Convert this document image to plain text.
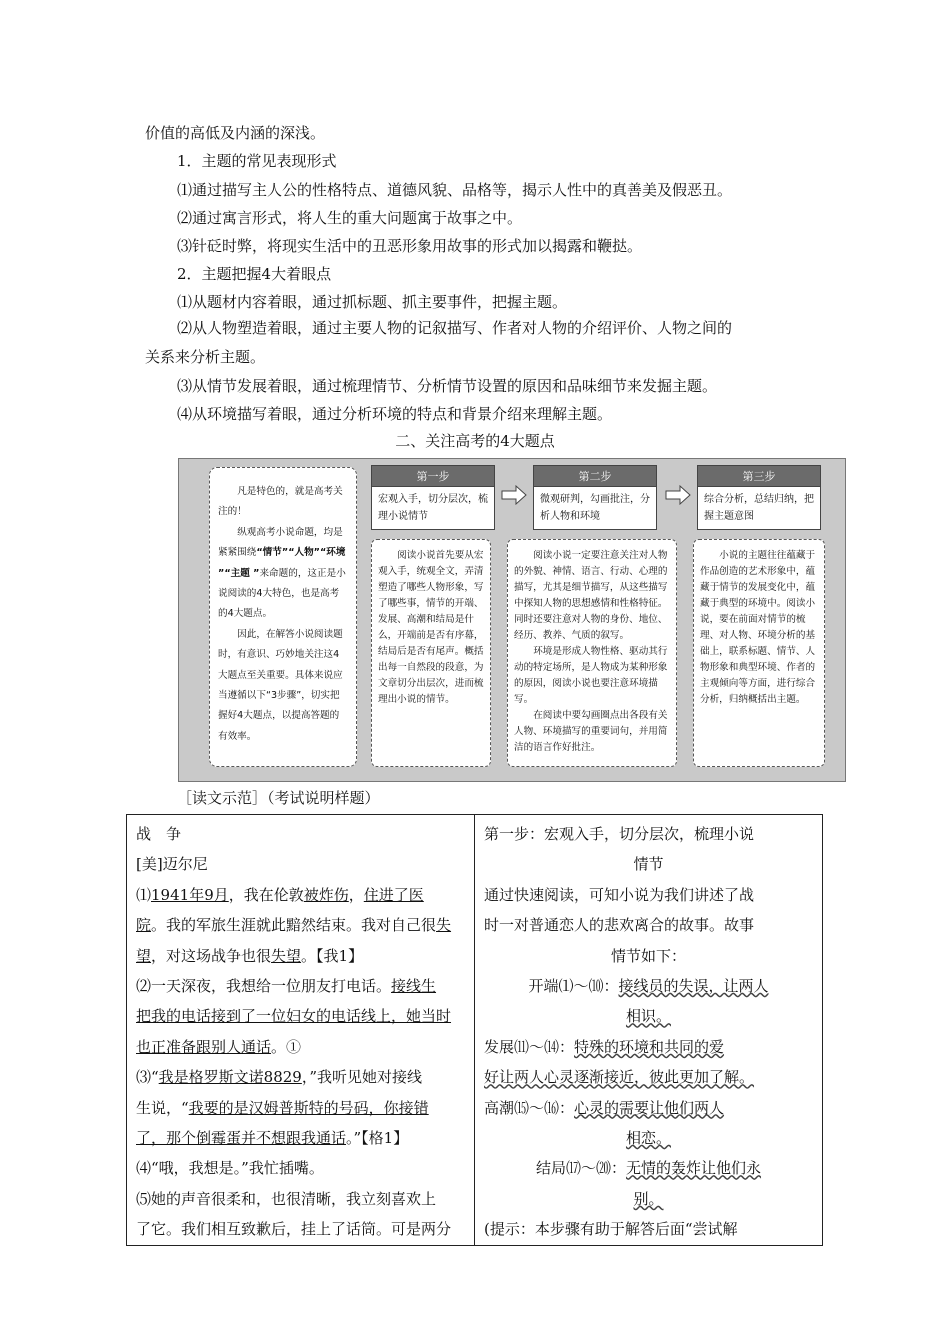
价值的高低及内涵的深浅。
1．主题的常见表现形式
⑴通过描写主人公的性格特点、道德风貌、品格等，揭示人性中的真善美及假恶丑。
⑵通过寓言形式，将人生的重大问题寓于故事之中。
⑶针砭时弊，将现实生活中的丑恶形象用故事的形式加以揭露和鞭挞。
2．主题把握4大着眼点
⑴从题材内容着眼，通过抓标题、抓主要事件，把握主题。
⑵从人物塑造着眼，通过主要人物的记叙描写、作者对人物的介绍评价、人物之间的
关系来分析主题。
⑶从情节发展着眼，通过梳理情节、分析情节设置的原因和品味细节来发掘主题。
⑷从环境描写着眼，通过分析环境的特点和背景介绍来理解主题。
二、关注高考的4大题点

凡是特色的，就是高考关注的！

纵观高考小说命题，均是紧紧围绕“情节”“人物”“环境 ”“主题 ”来命题的，这正是小说阅读的4大特色，也是高考的4大题点。

因此，在解答小说阅读题时，有意识、巧妙地关注这4大题点至关重要。具体来说应当遵循以下“3步骤”，切实把握好4大题点，以提高答题的有效率。

第一步
宏观入手，切分层次，梳理小说情节

阅读小说首先要从宏观入手，统观全文，弄清塑造了哪些人物形象，写了哪些事，情节的开端、发展、高潮和结局是什么，开端前是否有序幕，结局后是否有尾声。概括出每一自然段的段意，为文章切分出层次，进而梳理出小说的情节。

第二步
微观研判，勾画批注，分析人物和环境

阅读小说一定要注意关注对人物的外貌、神情、语言、行动、心理的描写，尤其是细节描写，从这些描写中探知人物的思想感情和性格特征。同时还要注意对人物的身份、地位、经历、教养、气质的叙写。

环境是形成人物性格、驱动其行动的特定场所，是人物成为某种形象的原因，阅读小说也要注意环境描写。

在阅读中要勾画圈点出各段有关人物、环境描写的重要词句，并用简洁的语言作好批注。

第三步
综合分析，总结归纳，把握主题意图

小说的主题往往蕴藏于作品创造的艺术形象中，蕴藏于情节的发展变化中，蕴藏于典型的环境中。阅读小说，要在前面对情节的梳理、对人物、环境分析的基础上，联系标题、情节、人物形象和典型环境、作者的主观倾向等方面，进行综合分析，归纳概括出主题。

［读文示范］（考试说明样题）
战　争
[美]迈尔尼
⑴1941年9月，我在伦敦被炸伤，住进了医
院。我的军旅生涯就此黯然结束。我对自己很失
望，对这场战争也很失望。【我1】
⑵一天深夜，我想给一位朋友打电话。接线生
把我的电话接到了一位妇女的电话线上，她当时
也正准备跟别人通话。①
⑶“我是格罗斯文诺8829，”我听见她对接线
生说，“我要的是汉姆普斯特的号码，你接错
了，那个倒霉蛋并不想跟我通话。”【格1】
⑷“哦，我想是。”我忙插嘴。
⑸她的声音很柔和，也很清晰，我立刻喜欢上
了它。我们相互致歉后，挂上了话筒。可是两分

第一步：宏观入手，切分层次，梳理小说
情节
通过快速阅读，可知小说为我们讲述了战
时一对普通恋人的悲欢离合的故事。故事
情节如下：
开端⑴～⑽：接线员的失误，让两人
相识。
发展⑾～⒁：特殊的环境和共同的爱
好让两人心灵逐渐接近，彼此更加了解。
高潮⒂～⒃：心灵的需要让他们两人
相恋。
结局⒄～⒇：无情的轰炸让他们永
别。
(提示：本步骤有助于解答后面“尝试解
